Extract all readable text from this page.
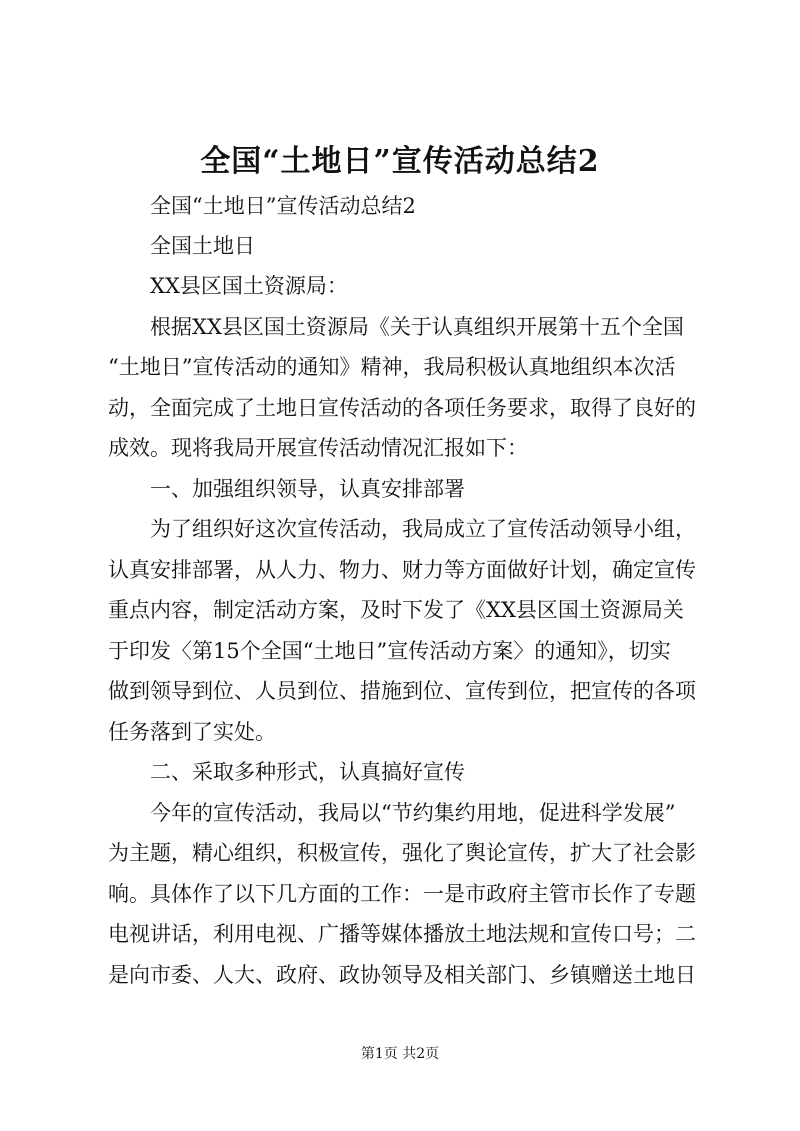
全国“土地日”宣传活动总结2
　　全国“土地日”宣传活动总结2
　　全国土地日
　　XX县区国土资源局：
　　根据XX县区国土资源局《关于认真组织开展第十五个全国
“土地日”宣传活动的通知》精神，我局积极认真地组织本次活
动，全面完成了土地日宣传活动的各项任务要求，取得了良好的
成效。现将我局开展宣传活动情况汇报如下：
　　一、加强组织领导，认真安排部署
　　为了组织好这次宣传活动，我局成立了宣传活动领导小组，
认真安排部署，从人力、物力、财力等方面做好计划，确定宣传
重点内容，制定活动方案，及时下发了《XX县区国土资源局关
于印发〈第15个全国“土地日”宣传活动方案〉的通知》，切实
做到领导到位、人员到位、措施到位、宣传到位，把宣传的各项
任务落到了实处。
　　二、采取多种形式，认真搞好宣传
　　今年的宣传活动，我局以“节约集约用地，促进科学发展”
为主题，精心组织，积极宣传，强化了舆论宣传，扩大了社会影
响。具体作了以下几方面的工作：一是市政府主管市长作了专题
电视讲话，利用电视、广播等媒体播放土地法规和宣传口号；二
是向市委、人大、政府、政协领导及相关部门、乡镇赠送土地日
第1页 共2页
